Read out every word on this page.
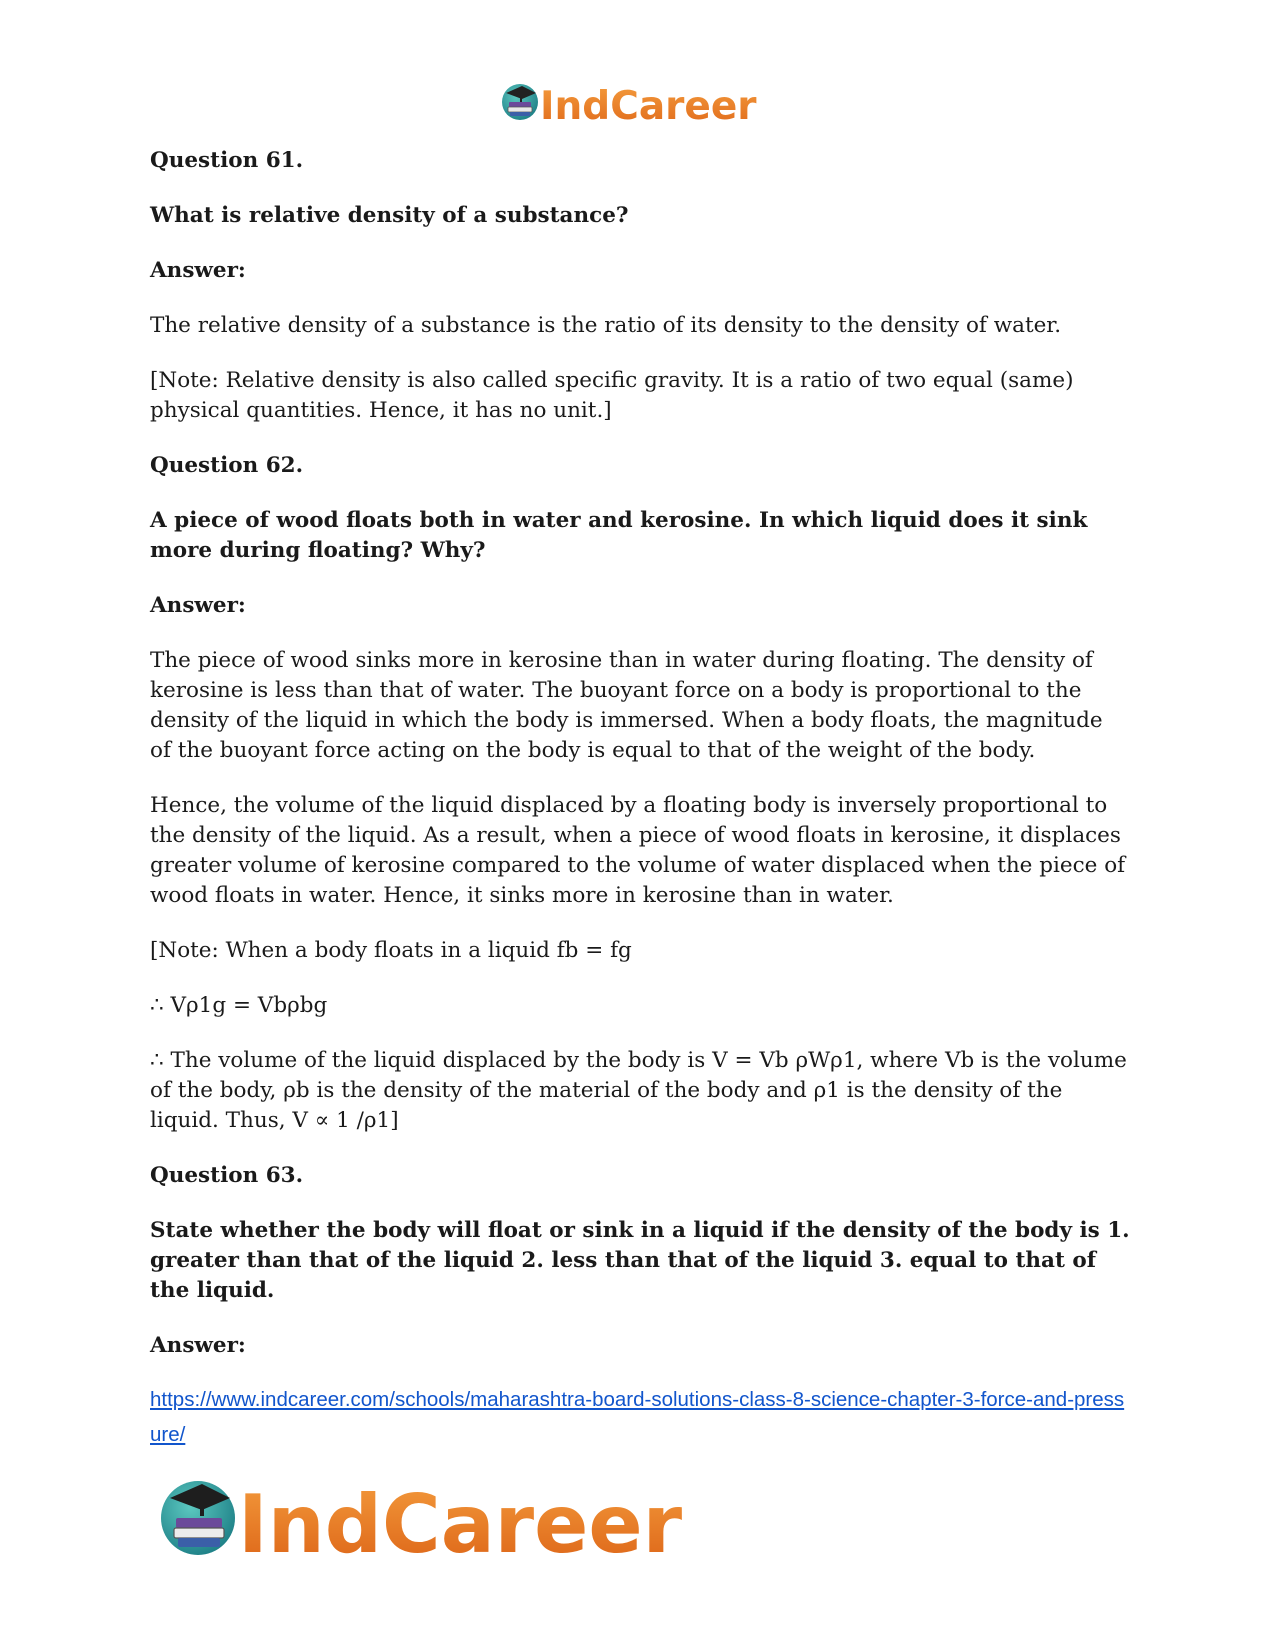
IndCareer

Question 61.

What is relative density of a substance?

Answer:

The relative density of a substance is the ratio of its density to the density of water.

[Note: Relative density is also called specific gravity. It is a ratio of two equal (same) physical quantities. Hence, it has no unit.]

Question 62.

A piece of wood floats both in water and kerosine. In which liquid does it sink more during floating? Why?

Answer:

The piece of wood sinks more in kerosine than in water during floating. The density of kerosine is less than that of water. The buoyant force on a body is proportional to the density of the liquid in which the body is immersed. When a body floats, the magnitude of the buoyant force acting on the body is equal to that of the weight of the body.

Hence, the volume of the liquid displaced by a floating body is inversely proportional to the density of the liquid. As a result, when a piece of wood floats in kerosine, it displaces greater volume of kerosine compared to the volume of water displaced when the piece of wood floats in water. Hence, it sinks more in kerosine than in water.

[Note: When a body floats in a liquid fb = fg

∴ Vρ1g = Vbρbg

∴ The volume of the liquid displaced by the body is V = Vb ρWρ1, where Vb is the volume of the body, ρb is the density of the material of the body and ρ1 is the density of the liquid. Thus, V ∝ 1 /ρ1]

Question 63.

State whether the body will float or sink in a liquid if the density of the body is 1. greater than that of the liquid 2. less than that of the liquid 3. equal to that of the liquid.

Answer:

https://www.indcareer.com/schools/maharashtra-board-solutions-class-8-science-chapter-3-force-and-pressure/
IndCareer
